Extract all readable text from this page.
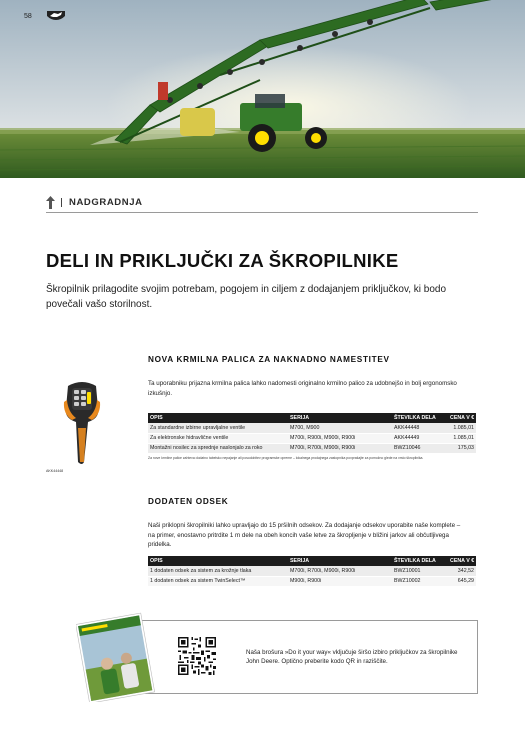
58
NADGRADNJA
DELI IN PRIKLJUČKI ZA ŠKROPILNIKE

Škropilnik prilagodite svojim potrebam, pogojem in ciljem z dodajanjem priključkov, ki bodo povečali vašo storilnost.

NOVA KRMILNA PALICA ZA NAKNADNO NAMESTITEV

Ta uporabniku prijazna krmilna palica lahko nadomesti originalno krmilno palico za udobnejšo in bolj ergonomsko izkušnjo.

AKK44448
OPIS	SERIJA	ŠTEVILKA DELA	CENA V €
Za standardne izbirne upravljalne ventile	M700, M900	AKK44448	1.085,01
Za elektronske hidravlične ventile	M700i, R900i, M900i, R900i	AKK44449	1.085,01
Montažni nosilec za sprednje naslonjalo za roko	M700i, R700i, M900i, R900i	BWZ10046	175,03
Za nove krmilne palice zahteva dodatno tabelsko nepajanje ali posodobitev programske opreme – lokalnega prodajnega zastopnika povprašajte za pomožno glede na vrsto škropilnika.
DODATEN ODSEK

Naši priklopni škropilniki lahko upravljajo do 15 pršilnih odsekov. Za dodajanje odsekov uporabite naše komplete – na primer, enostavno pritrdite 1 m dele na obeh koncih vaše letve za škropljenje v bližini jarkov ali občutljivega pridelka.

OPIS	SERIJA	ŠTEVILKA DELA	CENA V €
1 dodaten odsek za sistem za krožnje tlaka	M700i, R700i, M900i, R900i	BWZ10001	342,52
1 dodaten odsek za sistem TwinSelect™	M900i, R900i	BWZ10002	645,29

Naša brošura »Do it your way« vključuje širšo izbiro priključkov za škropilnike John Deere. Optično preberite kodo QR in raziščite.
